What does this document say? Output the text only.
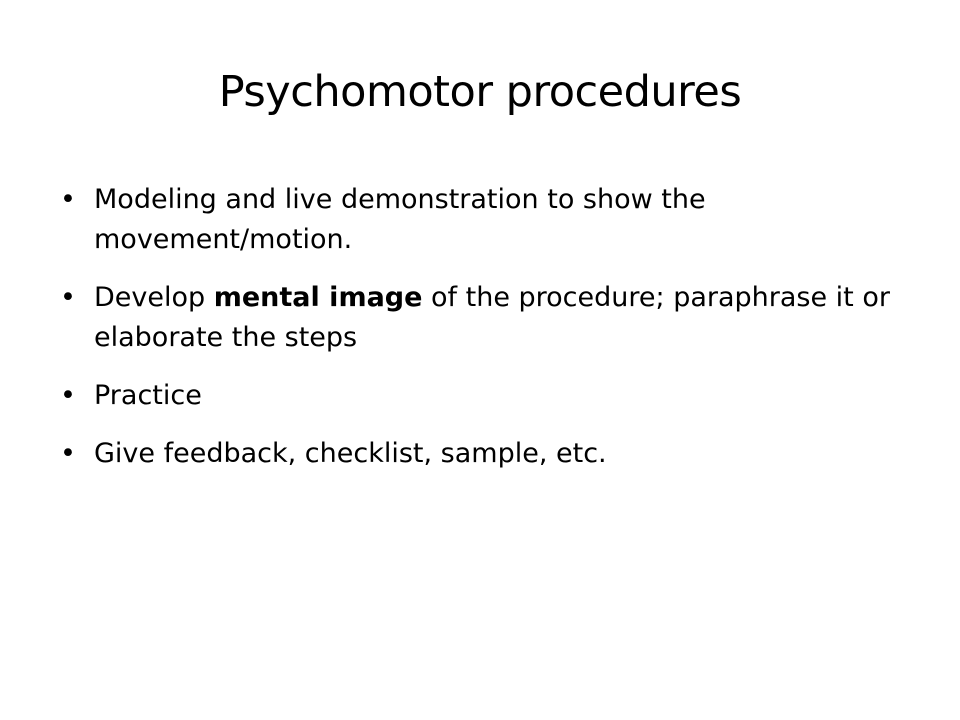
Psychomotor procedures
• Modeling and live demonstration to show the movement/motion.
• Develop mental image of the procedure; paraphrase it or elaborate the steps
• Practice
• Give feedback, checklist, sample, etc.
